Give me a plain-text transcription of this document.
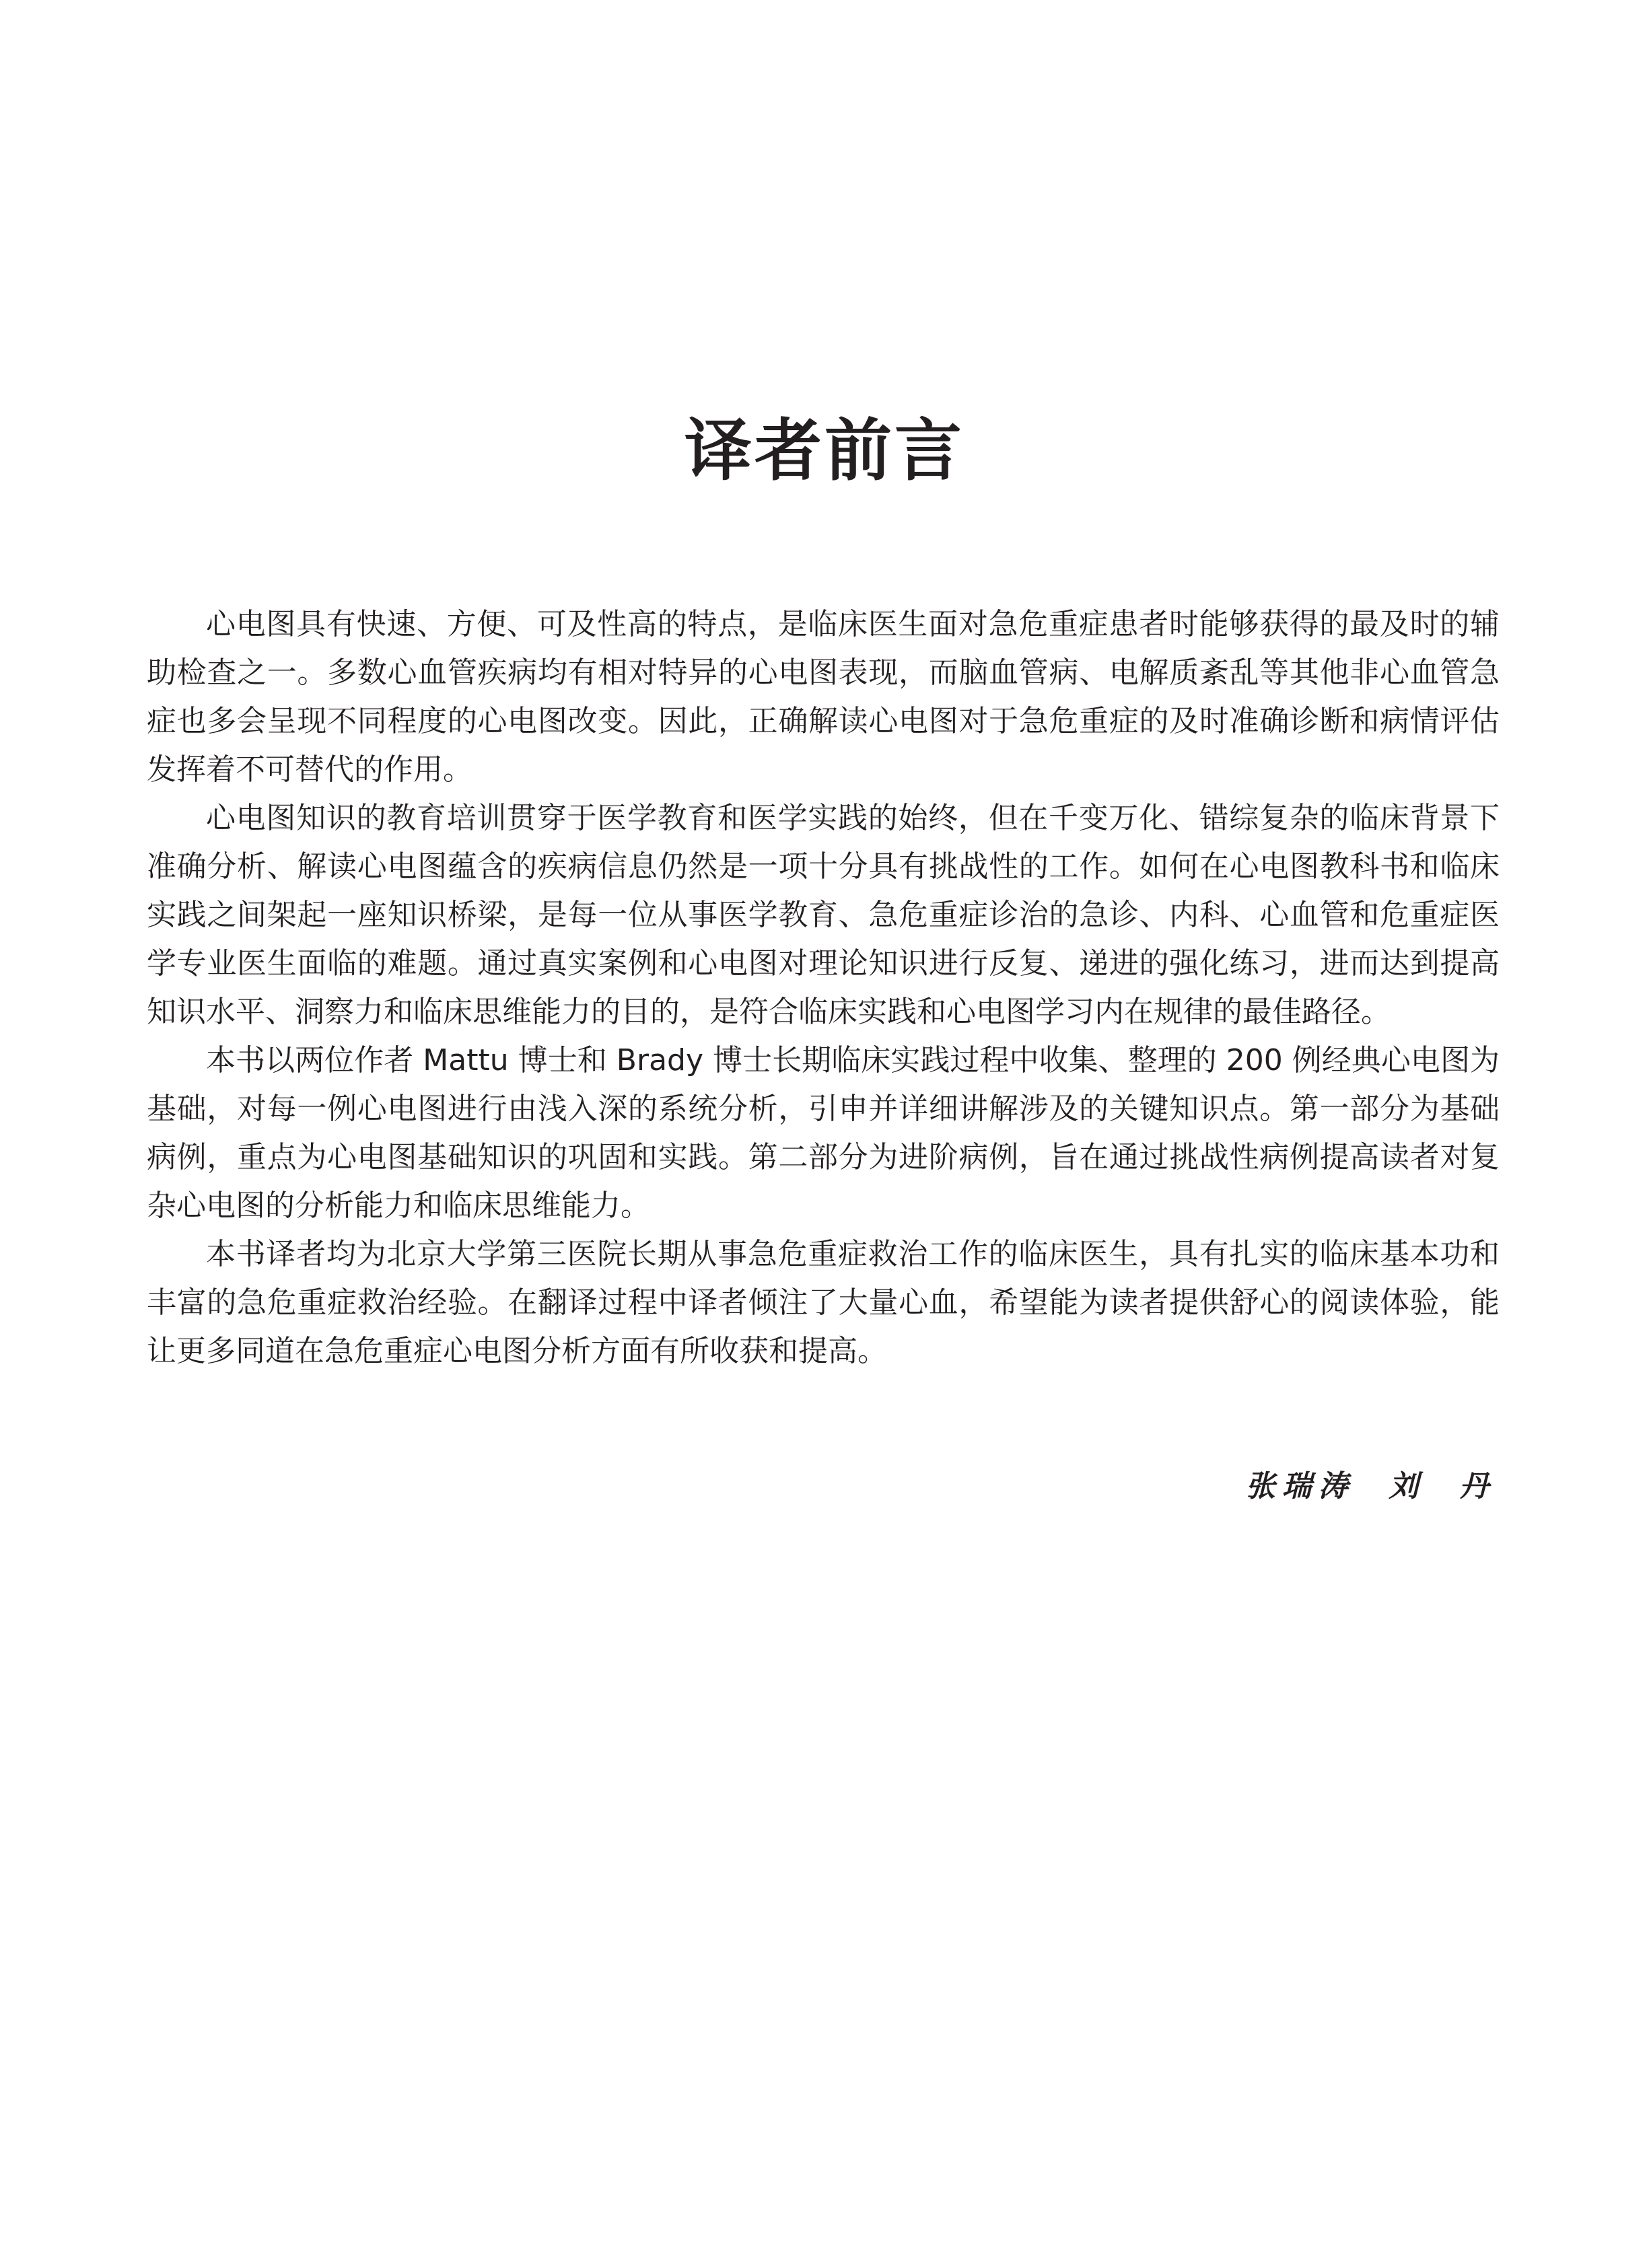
译者前言

心电图具有快速、方便、可及性高的特点，是临床医生面对急危重症患者时能够获得的最及时的辅助检查之一。多数心血管疾病均有相对特异的心电图表现，而脑血管病、电解质紊乱等其他非心血管急症也多会呈现不同程度的心电图改变。因此，正确解读心电图对于急危重症的及时准确诊断和病情评估发挥着不可替代的作用。

心电图知识的教育培训贯穿于医学教育和医学实践的始终，但在千变万化、错综复杂的临床背景下准确分析、解读心电图蕴含的疾病信息仍然是一项十分具有挑战性的工作。如何在心电图教科书和临床实践之间架起一座知识桥梁，是每一位从事医学教育、急危重症诊治的急诊、内科、心血管和危重症医学专业医生面临的难题。通过真实案例和心电图对理论知识进行反复、递进的强化练习，进而达到提高知识水平、洞察力和临床思维能力的目的，是符合临床实践和心电图学习内在规律的最佳路径。

本书以两位作者 Mattu 博士和 Brady 博士长期临床实践过程中收集、整理的 200 例经典心电图为基础，对每一例心电图进行由浅入深的系统分析，引申并详细讲解涉及的关键知识点。第一部分为基础病例，重点为心电图基础知识的巩固和实践。第二部分为进阶病例，旨在通过挑战性病例提高读者对复杂心电图的分析能力和临床思维能力。

本书译者均为北京大学第三医院长期从事急危重症救治工作的临床医生，具有扎实的临床基本功和丰富的急危重症救治经验。在翻译过程中译者倾注了大量心血，希望能为读者提供舒心的阅读体验，能让更多同道在急危重症心电图分析方面有所收获和提高。

张瑞涛  刘  丹
